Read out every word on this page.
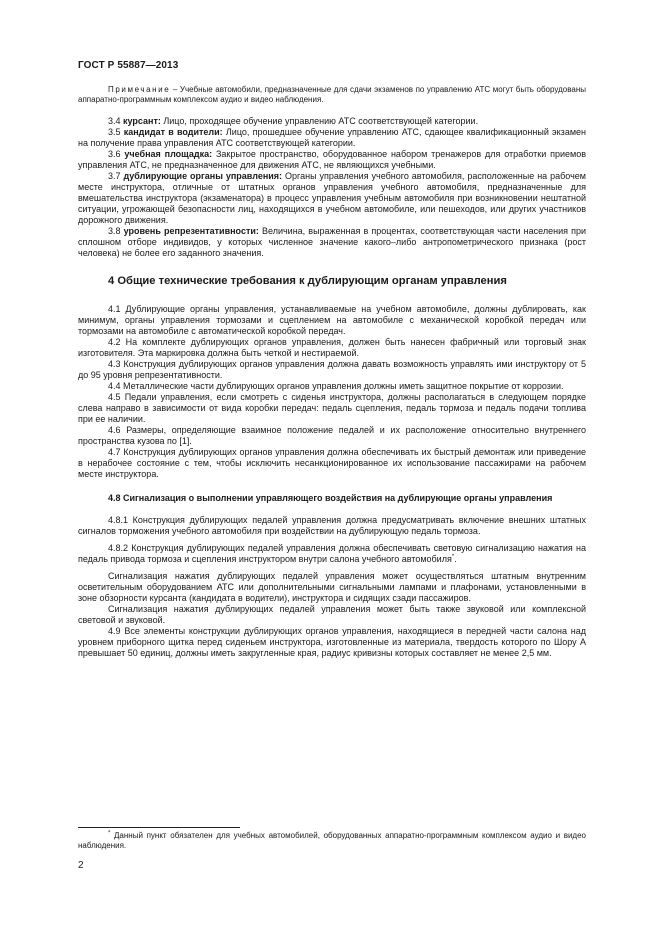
ГОСТ Р 55887—2013

Примечание – Учебные автомобили, предназначенные для сдачи экзаменов по управлению АТС могут быть оборудованы аппаратно-программным комплексом аудио и видео наблюдения.

3.4 курсант: Лицо, проходящее обучение управлению АТС соответствующей категории.

3.5 кандидат в водители: Лицо, прошедшее обучение управлению АТС, сдающее квалификационный экзамен на получение права управления АТС соответствующей категории.

3.6 учебная площадка: Закрытое пространство, оборудованное набором тренажеров для отработки приемов управления АТС, не предназначенное для движения АТС, не являющихся учебными.

3.7 дублирующие органы управления: Органы управления учебного автомобиля, расположенные на рабочем месте инструктора, отличные от штатных органов управления учебного автомобиля, предназначенные для вмешательства инструктора (экзаменатора) в процесс управления учебным автомобиля при возникновении нештатной ситуации, угрожающей безопасности лиц, находящихся в учебном автомобиле, или пешеходов, или других участников дорожного движения.

3.8 уровень репрезентативности: Величина, выраженная в процентах, соответствующая части населения при сплошном отборе индивидов, у которых численное значение какого–либо антропометрического признака (рост человека) не более его заданного значения.

4 Общие технические требования к дублирующим органам управления

4.1 Дублирующие органы управления, устанавливаемые на учебном автомобиле, должны дублировать, как минимум, органы управления тормозами и сцеплением на автомобиле с механической коробкой передач или тормозами на автомобиле с автоматической коробкой передач.

4.2 На комплекте дублирующих органов управления, должен быть нанесен фабричный или торговый знак изготовителя. Эта маркировка должна быть четкой и нестираемой.

4.3 Конструкция дублирующих органов управления должна давать возможность управлять ими инструктору от 5 до 95 уровня репрезентативности.

4.4 Металлические части дублирующих органов управления должны иметь защитное покрытие от коррозии.

4.5 Педали управления, если смотреть с сиденья инструктора, должны располагаться в следующем порядке слева направо в зависимости от вида коробки передач: педаль сцепления, педаль тормоза и педаль подачи топлива при ее наличии.

4.6 Размеры, определяющие взаимное положение педалей и их расположение относительно внутреннего пространства кузова по [1].

4.7 Конструкция дублирующих органов управления должна обеспечивать их быстрый демонтаж или приведение в нерабочее состояние с тем, чтобы исключить несанкционированное их использование пассажирами на рабочем месте инструктора.

4.8 Сигнализация о выполнении управляющего воздействия на дублирующие органы управления

4.8.1 Конструкция дублирующих педалей управления должна предусматривать включение внешних штатных сигналов торможения учебного автомобиля при воздействии на дублирующую педаль тормоза.

4.8.2 Конструкция дублирующих педалей управления должна обеспечивать световую сигнализацию нажатия на педаль привода тормоза и сцепления инструктором внутри салона учебного автомобиля*.

Сигнализация нажатия дублирующих педалей управления может осуществляться штатным внутренним осветительным оборудованием АТС или дополнительными сигнальными лампами и плафонами, установленными в зоне обзорности курсанта (кандидата в водители), инструктора и сидящих сзади пассажиров.

Сигнализация нажатия дублирующих педалей управления может быть также звуковой или комплексной световой и звуковой.

4.9 Все элементы конструкции дублирующих органов управления, находящиеся в передней части салона над уровнем приборного щитка перед сиденьем инструктора, изготовленные из материала, твердость которого по Шору А превышает 50 единиц, должны иметь закругленные края, радиус кривизны которых составляет не менее 2,5 мм.

* Данный пункт обязателен для учебных автомобилей, оборудованных аппаратно-программным комплексом аудио и видео наблюдения.

2
